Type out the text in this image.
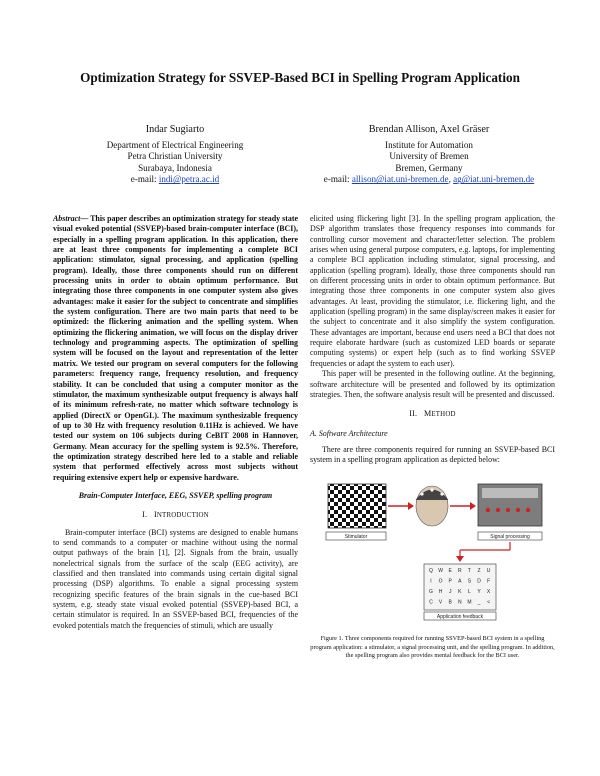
Optimization Strategy for SSVEP-Based BCI in Spelling Program Application
Indar Sugiarto
Department of Electrical Engineering
Petra Christian University
Surabaya, Indonesia
e-mail: indi@petra.ac.id
Brendan Allison, Axel Gräser
Institute for Automation
University of Bremen
Bremen, Germany
e-mail: allison@iat.uni-bremen.de, ag@iat.uni-bremen.de
Abstract— This paper describes an optimization strategy for steady state visual evoked potential (SSVEP)-based brain-computer interface (BCI), especially in a spelling program application. In this application, there are at least three components for implementing a complete BCI application: stimulator, signal processing, and application (spelling program). Ideally, those three components should run on different processing units in order to obtain optimum performance. But integrating those three components in one computer system also gives advantages: make it easier for the subject to concentrate and simplifies the system configuration. There are two main parts that need to be optimized: the flickering animation and the spelling system. When optimizing the flickering animation, we will focus on the display driver technology and programming aspects. The optimization of spelling system will be focused on the layout and representation of the letter matrix. We tested our program on several computers for the following parameters: frequency range, frequency resolution, and frequency stability. It can be concluded that using a computer monitor as the stimulator, the maximum synthesizable output frequency is always half of its minimum refresh-rate, no matter which software technology is applied (DirectX or OpenGL). The maximum synthesizable frequency of up to 30 Hz with frequency resolution 0.11Hz is achieved. We have tested our system on 106 subjects during CeBIT 2008 in Hannover, Germany. Mean accuracy for the spelling system is 92.5%. Therefore, the optimization strategy described here led to a stable and reliable system that performed effectively across most subjects without requiring extensive expert help or expensive hardware.
Brain-Computer Interface, EEG, SSVEP, spelling program
I. INTRODUCTION

Brain-computer interface (BCI) systems are designed to enable humans to send commands to a computer or machine without using the normal output pathways of the brain [1], [2]. Signals from the brain, usually nonelectrical signals from the surface of the scalp (EEG activity), are classified and then translated into commands using certain digital signal processing (DSP) algorithms. To enable a signal processing system recognizing specific features of the brain signals in the cue-based BCI system, e.g. steady state visual evoked potential (SSVEP)-based BCI, a certain stimulator is required. In an SSVEP-based BCI, frequencies of the evoked potentials match the frequencies of stimuli, which are usually

elicited using flickering light [3]. In the spelling program application, the DSP algorithm translates those frequency responses into commands for controlling cursor movement and character/letter selection. The problem arises when using general purpose computers, e.g. laptops, for implementing a complete BCI application including stimulator, signal processing, and application (spelling program). Ideally, those three components should run on different processing units in order to obtain optimum performance. But integrating those three components in one computer system also gives advantages. At least, providing the stimulator, i.e. flickering light, and the application (spelling program) in the same display/screen makes it easier for the subject to concentrate and it also simplify the system configuration. These advantages are important, because end users need a BCI that does not require elaborate hardware (such as customized LED boards or separate computing systems) or expert help (such as to find working SSVEP frequencies or adapt the system to each user).

This paper will be presented in the following outline. At the beginning, software architecture will be presented and followed by its optimization strategies. Then, the software analysis result will be presented and discussed.

II. METHOD
A. Software Architecture

There are three components required for running an SSVEP-based BCI system in a spelling program application as depicted below:

Stimulator	Signal processing
Q W E R T Z U
I O P A S D F
G H J K L Y X
C V B N M _ <
Application feedback
Figure 1. Three components required for running SSVEP-based BCI system in a spelling program application: a stimulator, a signal processing unit, and the spelling program. In addition, the spelling program also provides mental feedback for the BCI user.
